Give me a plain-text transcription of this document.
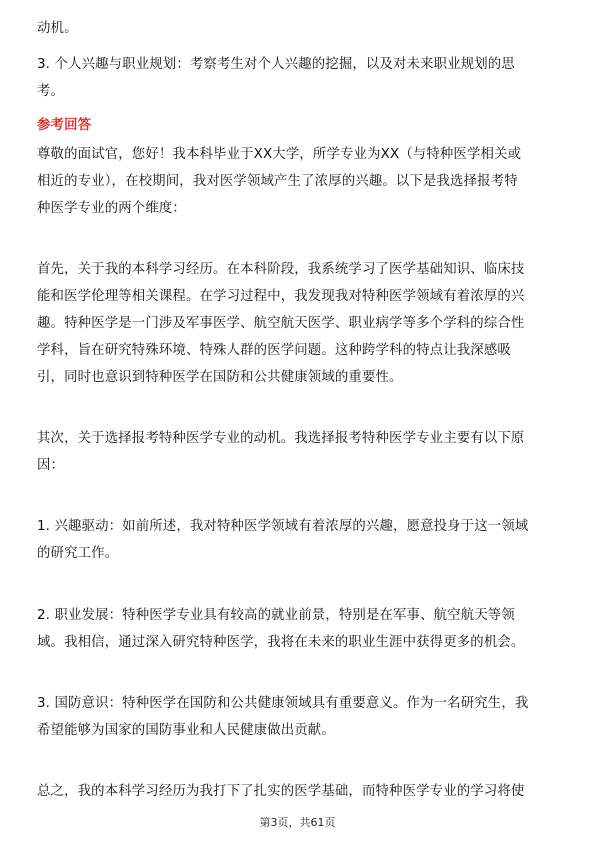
动机。
3. 个人兴趣与职业规划：考察考生对个人兴趣的挖掘，以及对未来职业规划的思
考。
参考回答
尊敬的面试官，您好！我本科毕业于XX大学，所学专业为XX（与特种医学相关或
相近的专业），在校期间，我对医学领域产生了浓厚的兴趣。以下是我选择报考特
种医学专业的两个维度：
首先，关于我的本科学习经历。在本科阶段，我系统学习了医学基础知识、临床技
能和医学伦理等相关课程。在学习过程中，我发现我对特种医学领域有着浓厚的兴
趣。特种医学是一门涉及军事医学、航空航天医学、职业病学等多个学科的综合性
学科，旨在研究特殊环境、特殊人群的医学问题。这种跨学科的特点让我深感吸
引，同时也意识到特种医学在国防和公共健康领域的重要性。
其次，关于选择报考特种医学专业的动机。我选择报考特种医学专业主要有以下原
因：
1. 兴趣驱动：如前所述，我对特种医学领域有着浓厚的兴趣，愿意投身于这一领域
的研究工作。
2. 职业发展：特种医学专业具有较高的就业前景，特别是在军事、航空航天等领
域。我相信，通过深入研究特种医学，我将在未来的职业生涯中获得更多的机会。
3. 国防意识：特种医学在国防和公共健康领域具有重要意义。作为一名研究生，我
希望能够为国家的国防事业和人民健康做出贡献。
总之，我的本科学习经历为我打下了扎实的医学基础，而特种医学专业的学习将使
第3页，共61页
